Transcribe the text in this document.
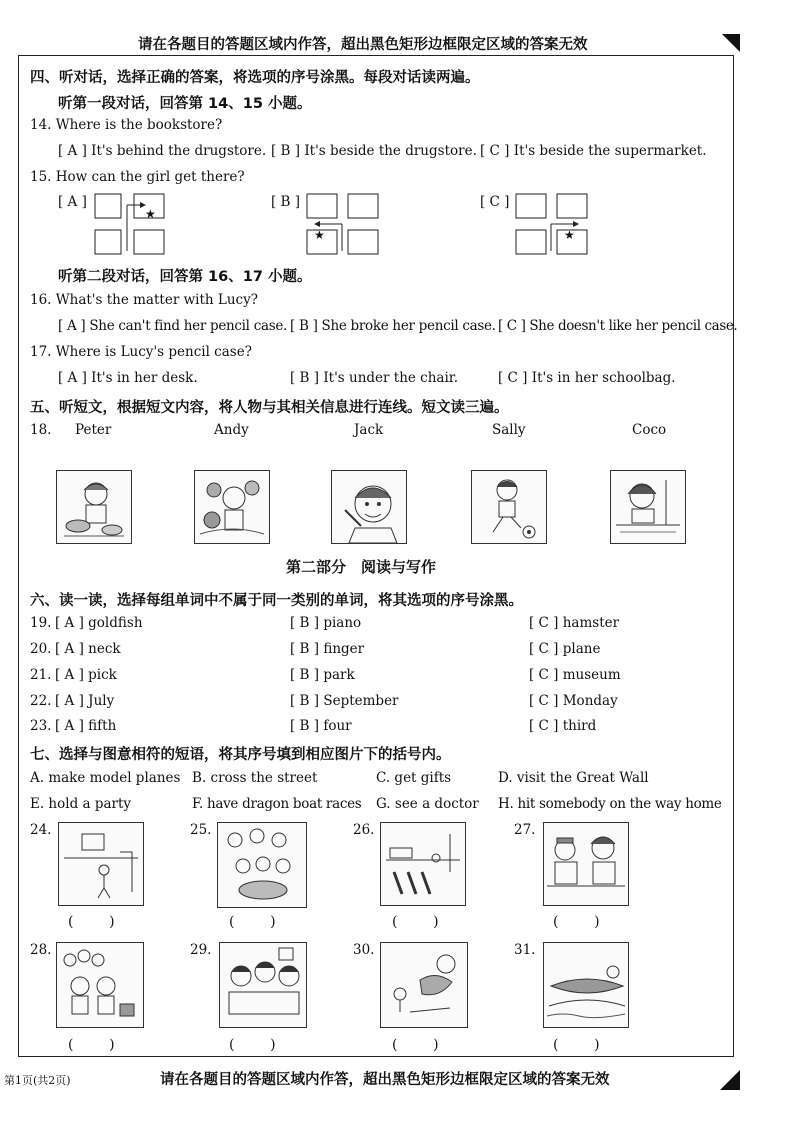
请在各题目的答题区域内作答，超出黑色矩形边框限定区域的答案无效
四、听对话，选择正确的答案，将选项的序号涂黑。每段对话读两遍。
听第一段对话，回答第 14、15 小题。
14. Where is the bookstore?
[ A ] It's behind the drugstore. [ B ] It's beside the drugstore. [ C ] It's beside the supermarket.
15. How can the girl get there?
[ A ]	[ B ]	[ C ]
★
★	★
听第二段对话，回答第 16、17 小题。
16. What's the matter with Lucy?
[ A ] She can't find her pencil case. [ B ] She broke her pencil case. [ C ] She doesn't like her pencil case.
17. Where is Lucy's pencil case?
[ A ] It's in her desk.	[ B ] It's under the chair.	[ C ] It's in her schoolbag.
五、听短文，根据短文内容，将人物与其相关信息进行连线。短文读三遍。
18. Peter	Andy	Jack	Sally	Coco
第二部分　阅读与写作
六、读一读，选择每组单词中不属于同一类别的单词，将其选项的序号涂黑。
19. [ A ] goldfish	[ B ] piano	[ C ] hamster
20. [ A ] neck	[ B ] finger	[ C ] plane
21. [ A ] pick	[ B ] park	[ C ] museum
22. [ A ] July	[ B ] September	[ C ] Monday
23. [ A ] fifth	[ B ] four	[ C ] third
七、选择与图意相符的短语，将其序号填到相应图片下的括号内。
A. make model planes B. cross the street	C. get gifts	D. visit the Great Wall
E. hold a party	F. have dragon boat races G. see a doctor H. hit somebody on the way home
24.	25.	26.	27.
(        )	(        )	(        )	(        )
28.	29.	30.	31.
(        )	(        )	(        )	(        )
第1页(共2页)	请在各题目的答题区域内作答，超出黑色矩形边框限定区域的答案无效
